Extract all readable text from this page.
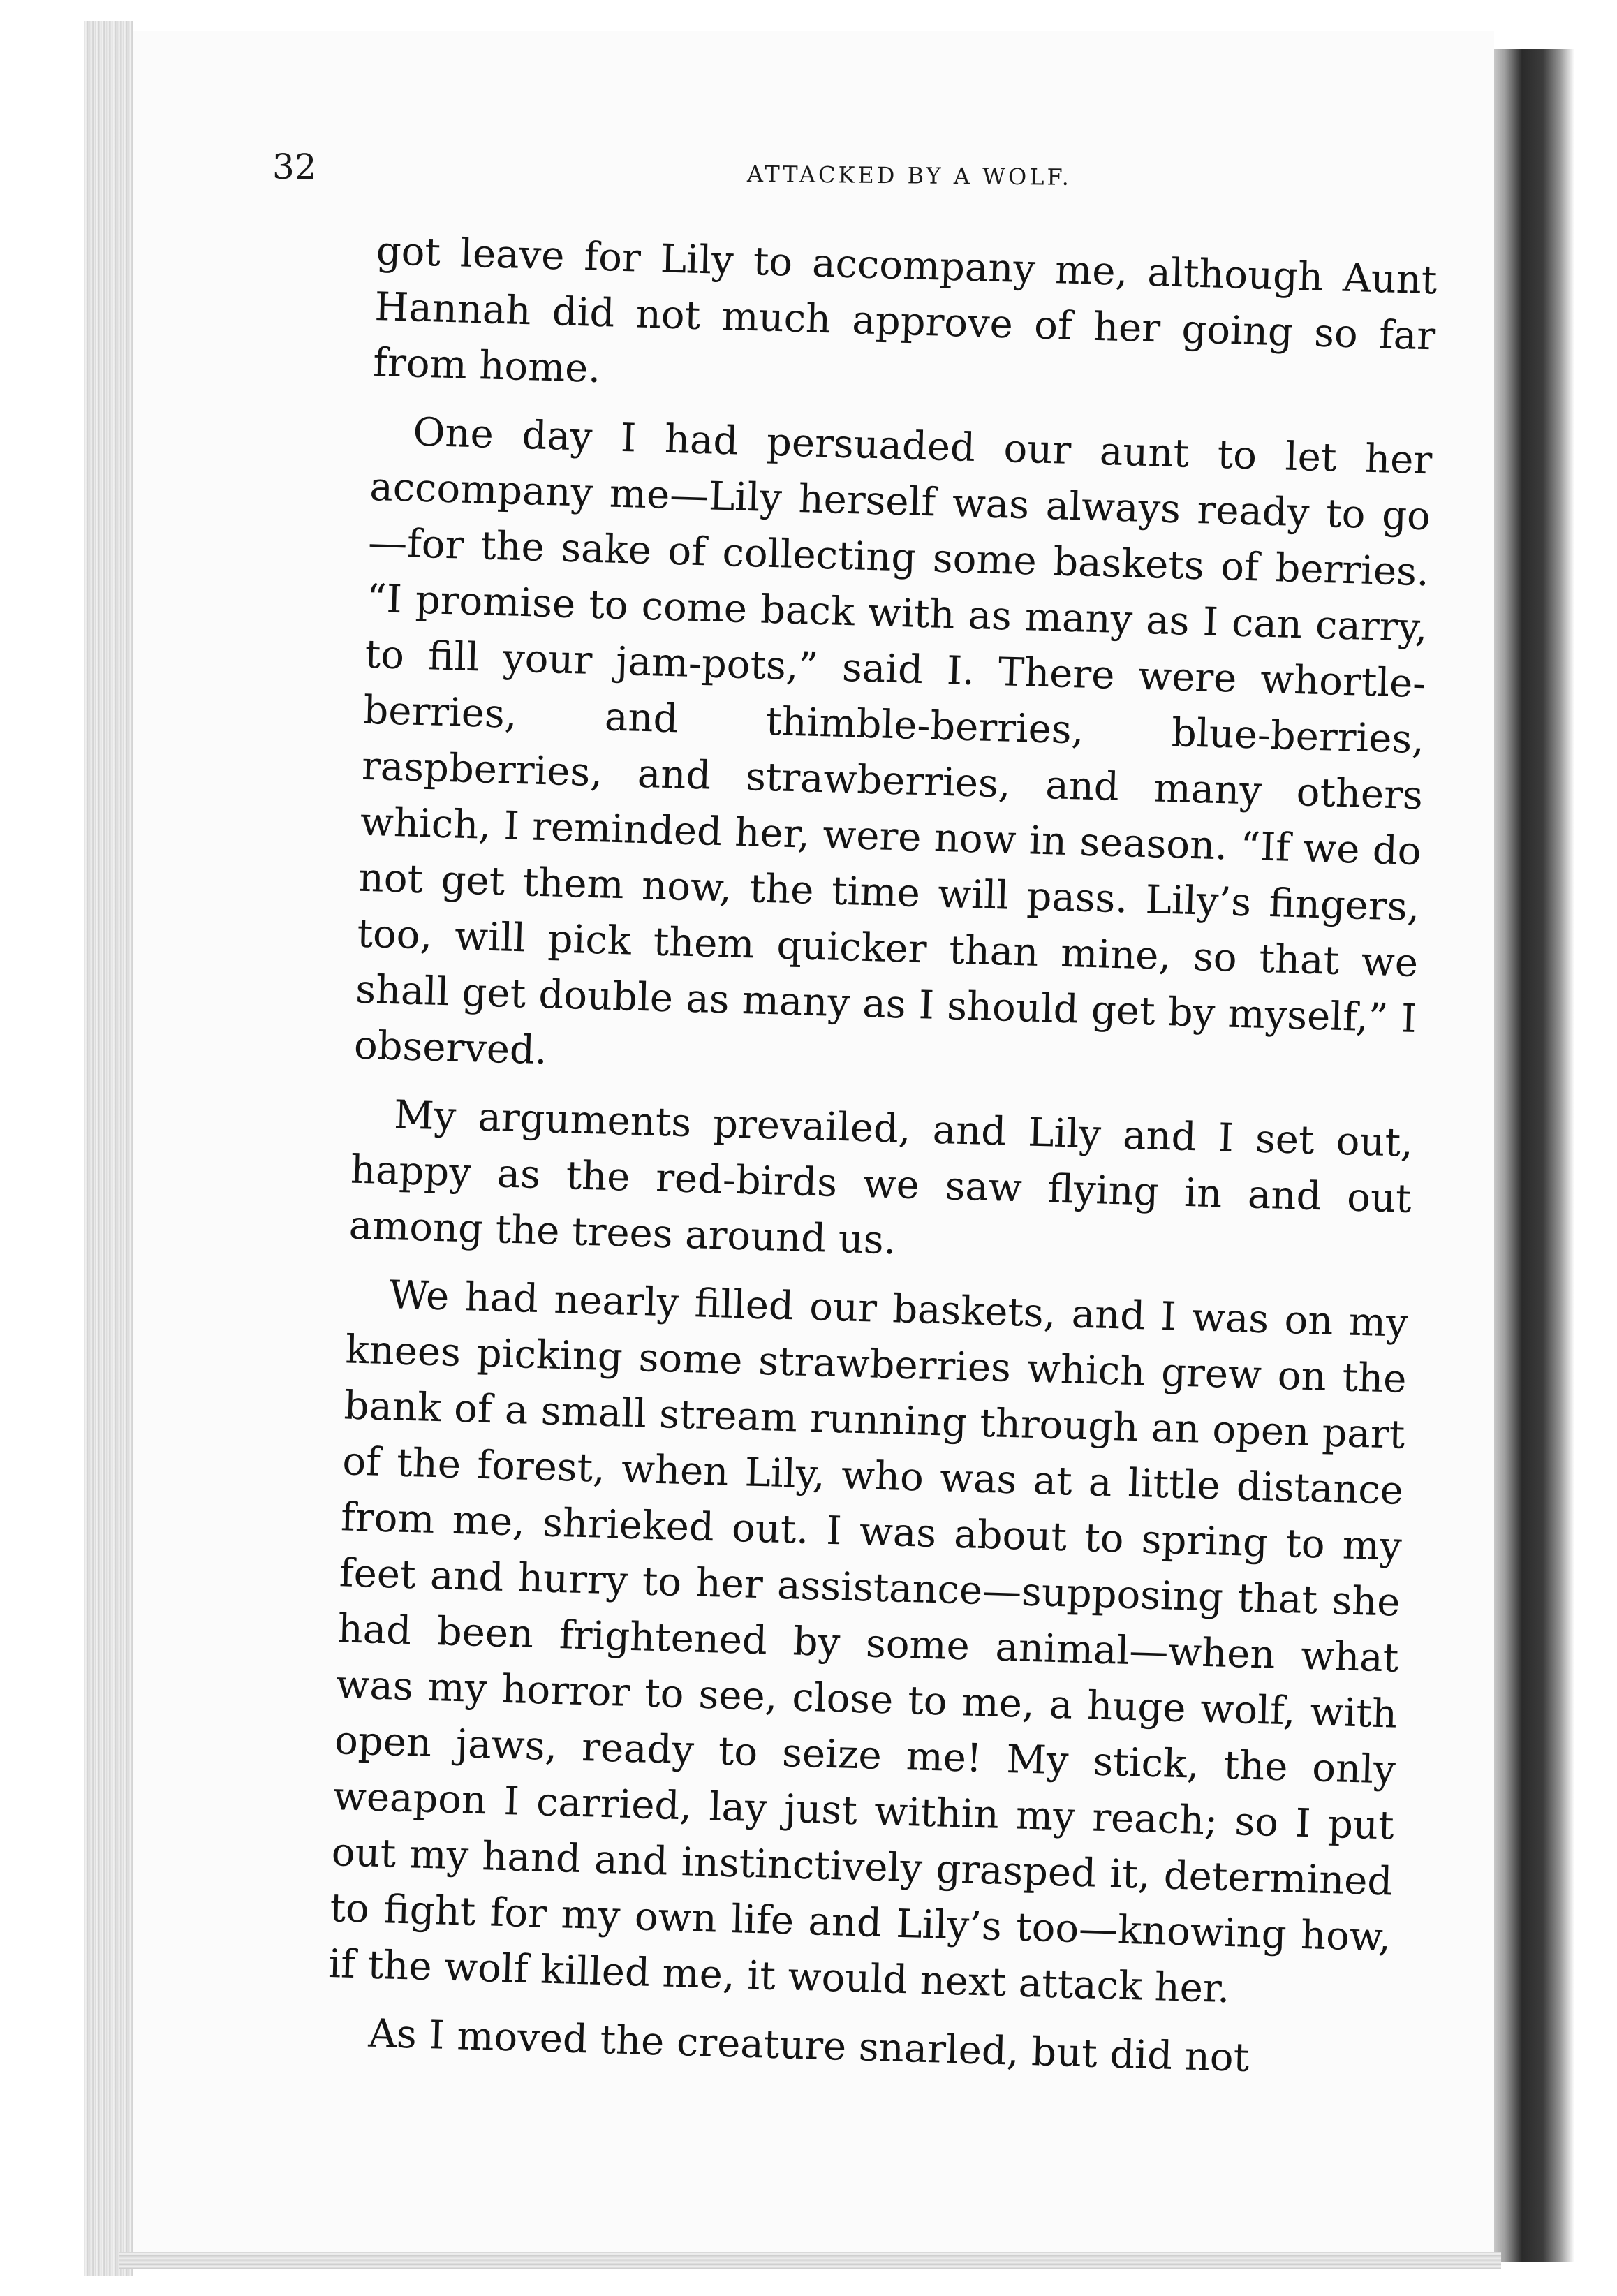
32	ATTACKED BY A WOLF.

got leave for Lily to accompany me, although Aunt Hannah did not much approve of her going so far from home.

One day I had persuaded our aunt to let her accompany me—Lily herself was always ready to go —for the sake of collecting some baskets of berries. “I promise to come back with as many as I can carry, to fill your jam-pots,” said I. There were whortle-berries, and thimble-berries, blue-berries, raspberries, and strawberries, and many others which, I reminded her, were now in season. “If we do not get them now, the time will pass. Lily’s fingers, too, will pick them quicker than mine, so that we shall get double as many as I should get by myself,” I observed.

My arguments prevailed, and Lily and I set out, happy as the red-birds we saw flying in and out among the trees around us.

We had nearly filled our baskets, and I was on my knees picking some strawberries which grew on the bank of a small stream running through an open part of the forest, when Lily, who was at a little distance from me, shrieked out. I was about to spring to my feet and hurry to her assistance—supposing that she had been frightened by some animal—when what was my horror to see, close to me, a huge wolf, with open jaws, ready to seize me! My stick, the only weapon I carried, lay just within my reach; so I put out my hand and instinctively grasped it, determined to fight for my own life and Lily’s too—knowing how, if the wolf killed me, it would next attack her.

As I moved the creature snarled, but did not
